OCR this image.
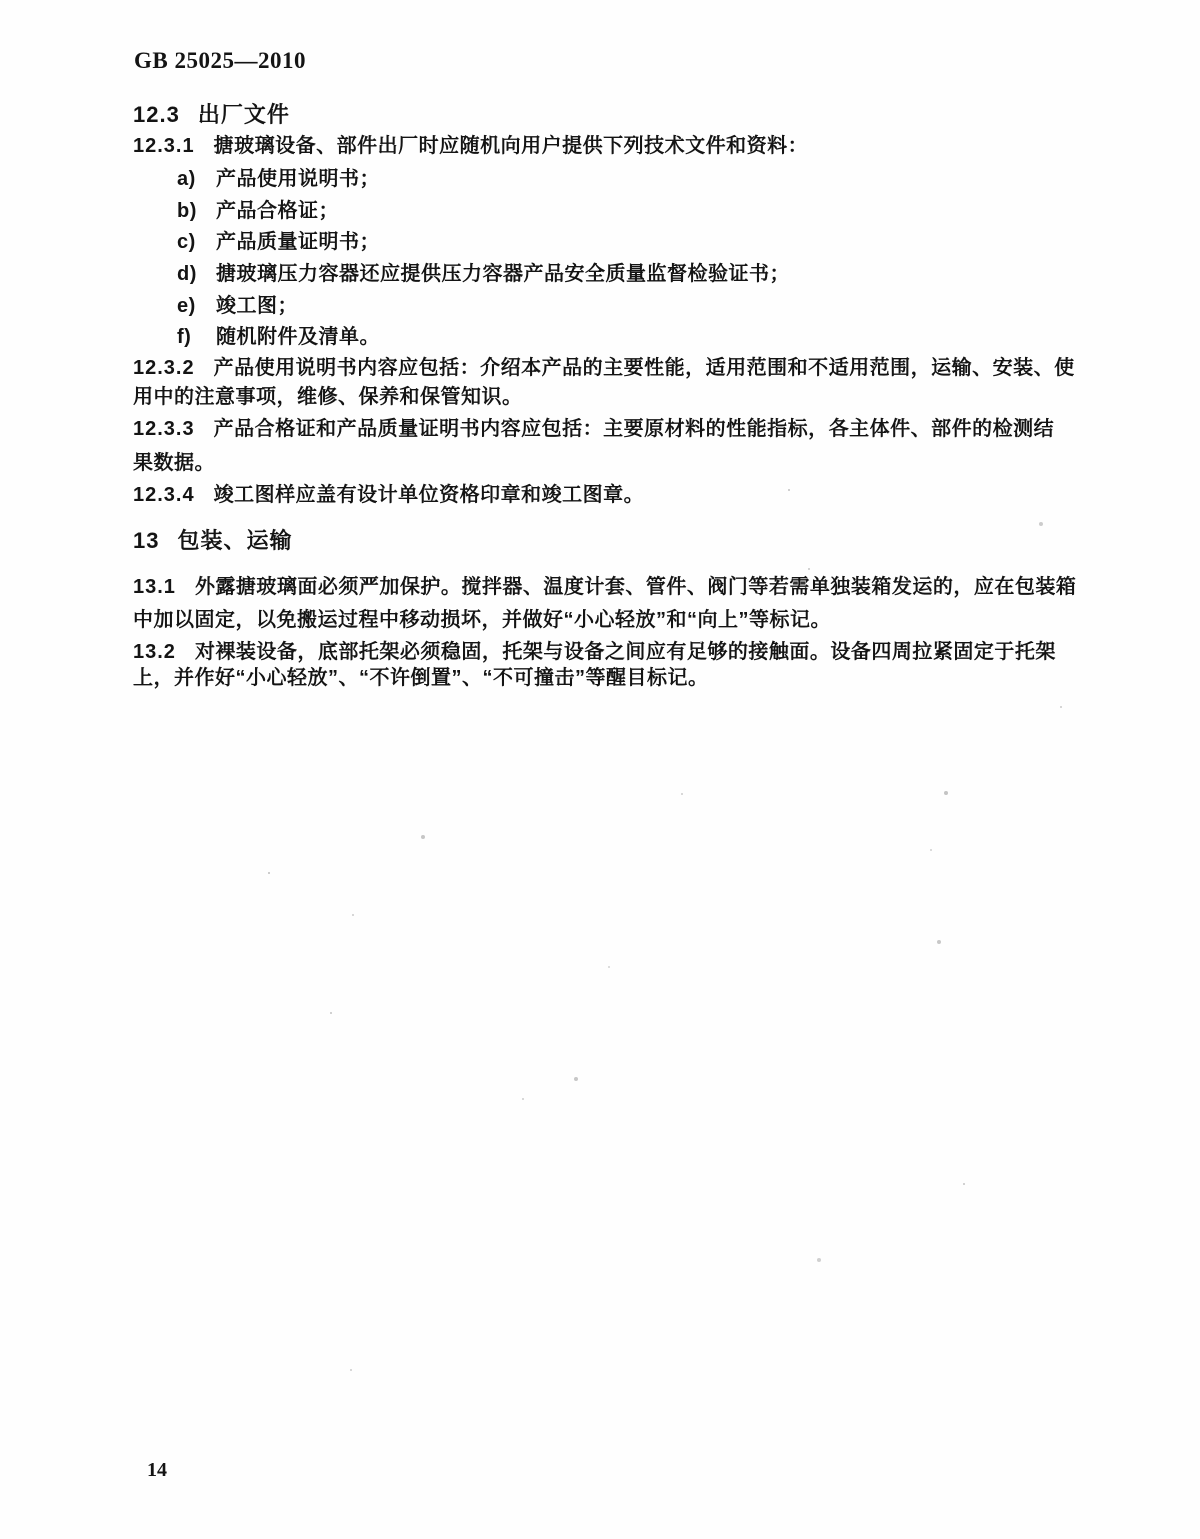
GB 25025—2010
12.3 出厂文件
12.3.1 搪玻璃设备、部件出厂时应随机向用户提供下列技术文件和资料：
a) 产品使用说明书；
b) 产品合格证；
c) 产品质量证明书；
d) 搪玻璃压力容器还应提供压力容器产品安全质量监督检验证书；
e) 竣工图；
f) 随机附件及清单。
12.3.2 产品使用说明书内容应包括：介绍本产品的主要性能，适用范围和不适用范围，运输、安装、使
用中的注意事项，维修、保养和保管知识。
12.3.3 产品合格证和产品质量证明书内容应包括：主要原材料的性能指标，各主体件、部件的检测结
果数据。
12.3.4 竣工图样应盖有设计单位资格印章和竣工图章。
13 包装、运输
13.1 外露搪玻璃面必须严加保护。搅拌器、温度计套、管件、阀门等若需单独装箱发运的，应在包装箱
中加以固定，以免搬运过程中移动损坏，并做好“小心轻放”和“向上”等标记。
13.2 对裸装设备，底部托架必须稳固，托架与设备之间应有足够的接触面。设备四周拉紧固定于托架
上，并作好“小心轻放”、“不许倒置”、“不可撞击”等醒目标记。
14
